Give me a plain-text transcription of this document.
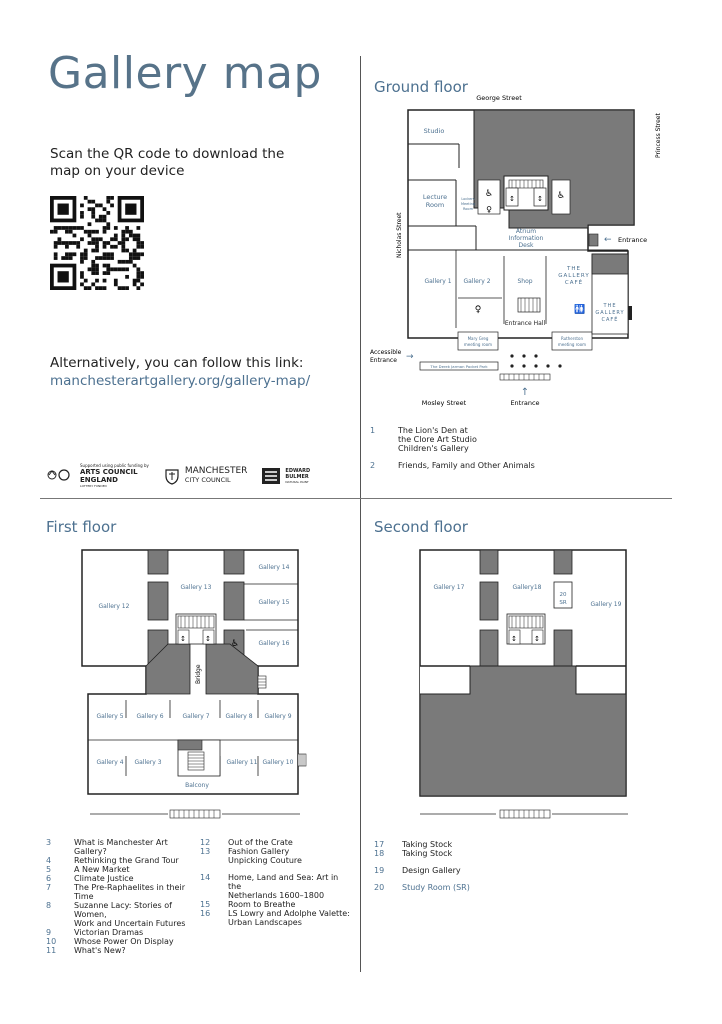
Gallery map
Scan the QR code to download the map on your device
Alternatively, you can follow this link:
manchesterartgallery.org/gallery-map/
Supported using public funding by
ARTS COUNCIL
ENGLAND
LOTTERY FUNDED
MANCHESTER
CITY COUNCIL
EDWARD
BULMER
NATURAL PAINT
Ground floor
George Street
Princess Street
Nicholas Street
↕	↕ ♿
♿
♀
Studio
Lecture
Room
Lockers
Meeting
Room
Atrium
Information
Desk
Gallery 1 Gallery 2	Shop
♀
Entrance Hall
Mary Greg
meeting room
Rutherston
meeting room
THE
GALLERY
CAFÉ
THE
GALLERY
CAFÉ
🚻
The Derek Jarman Pocket Park
Accessible
Entrance →
← Entrance
↑
Entrance
Mosley Street
1	The Lion's Den at
the Clore Art Studio
Children's Gallery
2	Friends, Family and Other Animals
First floor
Bridge
↕	↕ ♿
Gallery 12
Gallery 13
Gallery 14
Gallery 15
Gallery 16
Gallery 5 Gallery 6	Gallery 7	Gallery 8 Gallery 9
Gallery 4 Gallery 3	Gallery 11 Gallery 10
Balcony
3	What is Manchester Art Gallery?
4	Rethinking the Grand Tour
5	A New Market
6	Climate Justice
7	The Pre-Raphaelites in their Time
8	Suzanne Lacy: Stories of Women,
Work and Uncertain Futures
9	Victorian Dramas
10	Whose Power On Display
11	What's New?
12	Out of the Crate
13	Fashion Gallery
Unpicking Couture
14	Home, Land and Sea: Art in the
Netherlands 1600–1800
15	Room to Breathe
16	LS Lowry and Adolphe Valette:
Urban Landscapes
Second floor
↕ ↕
Gallery 17	Gallery18
Gallery 19
20
SR
17	Taking Stock
18	Taking Stock
19	Design Gallery
20	Study Room (SR)
